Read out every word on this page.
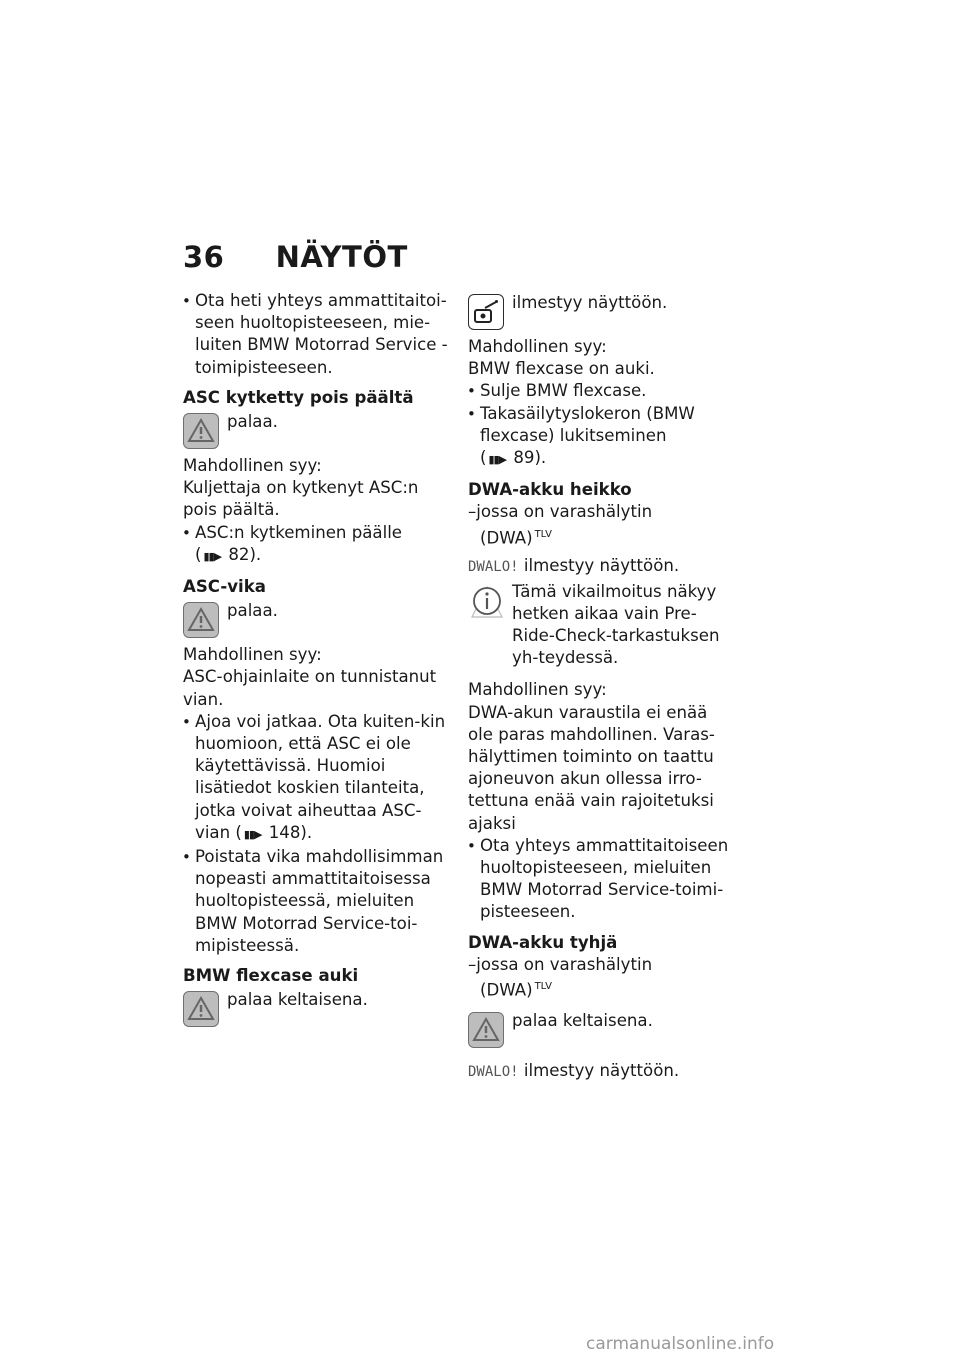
36 NÄYTÖT

• Ota heti yhteys ammattitaitoi-seen huoltopisteeseen, mie-luiten BMW Motorrad Service -toimipisteeseen.

ASC kytketty pois päältä

palaa.

Mahdollinen syy:

Kuljettaja on kytkenyt ASC:n pois päältä.

• ASC:n kytkeminen päälle
( ▮▮▶ 82).

ASC-vika

palaa.

Mahdollinen syy:

ASC-ohjainlaite on tunnistanut vian.

• Ajoa voi jatkaa. Ota kuiten-kin huomioon, että ASC ei ole käytettävissä. Huomioi lisätiedot koskien tilanteita, jotka voivat aiheuttaa ASC-vian ( ▮▮▶ 148).

• Poistata vika mahdollisimman nopeasti ammattitaitoisessa huoltopisteessä, mieluiten BMW Motorrad Service-toi-mipisteessä.

BMW flexcase auki

palaa keltaisena.
ilmestyy näyttöön.

Mahdollinen syy:

BMW flexcase on auki.

• Sulje BMW flexcase.

• Takasäilytyslokeron (BMW flexcase) lukitseminen
( ▮▮▶ 89).

DWA-akku heikko

–jossa on varashälytin

(DWA) $^{TLV}$

DWALO! ilmestyy näyttöön.

Tämä vikailmoitus näkyy hetken aikaa vain Pre-Ride-Check-tarkastuksen yh-teydessä.

Mahdollinen syy:

DWA-akun varaustila ei enää ole paras mahdollinen. Varas-hälyttimen toiminto on taattu ajoneuvon akun ollessa irro-tettuna enää vain rajoitetuksi ajaksi

• Ota yhteys ammattitaitoiseen huoltopisteeseen, mieluiten BMW Motorrad Service-toimi-pisteeseen.

DWA-akku tyhjä

–jossa on varashälytin

(DWA) $^{TLV}$

palaa keltaisena.

DWALO! ilmestyy näyttöön.

carmanualsonline.info
